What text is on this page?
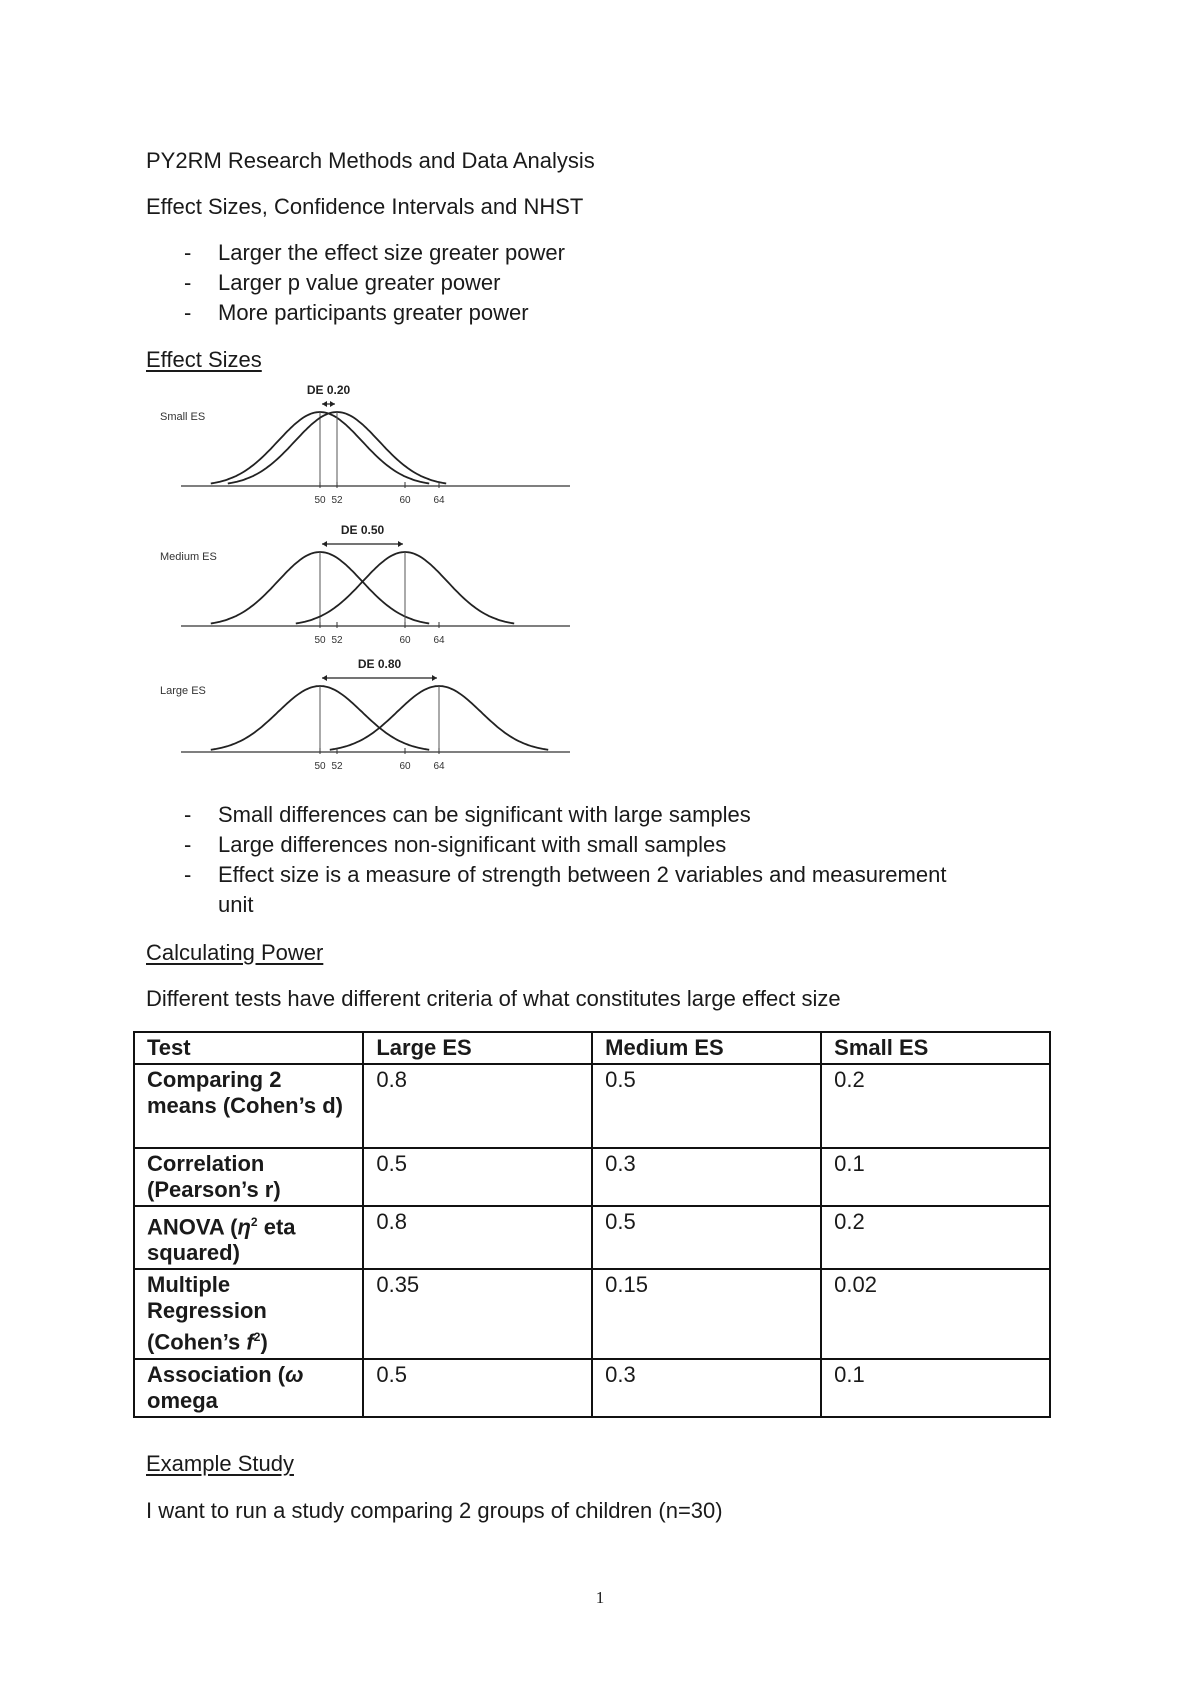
PY2RM Research Methods and Data Analysis
Effect Sizes, Confidence Intervals and NHST
- Larger the effect size greater power
- Larger p value greater power
- More participants greater power
Effect Sizes
Small ES
DE 0.20
50 52	60 64
Medium ES
DE 0.50
50 52	60 64
Large ES
DE 0.80
50 52	60 64
- Small differences can be significant with large samples
- Large differences non-significant with small samples
- Effect size is a measure of strength between 2 variables and measurement
unit
Calculating Power
Different tests have different criteria of what constitutes large effect size
Test	Large ES	Medium ES	Small ES
Comparing 2 means (Cohen’s d)	0.8	0.5	0.2
Correlation (Pearson’s r)	0.5	0.3	0.1
ANOVA ($\eta^2$ eta squared)	0.8	0.5	0.2
Multiple Regression (Cohen’s $f^2$)	0.35	0.15	0.02
Association (ω omega	0.5	0.3	0.1
Example Study
I want to run a study comparing 2 groups of children (n=30)
1
